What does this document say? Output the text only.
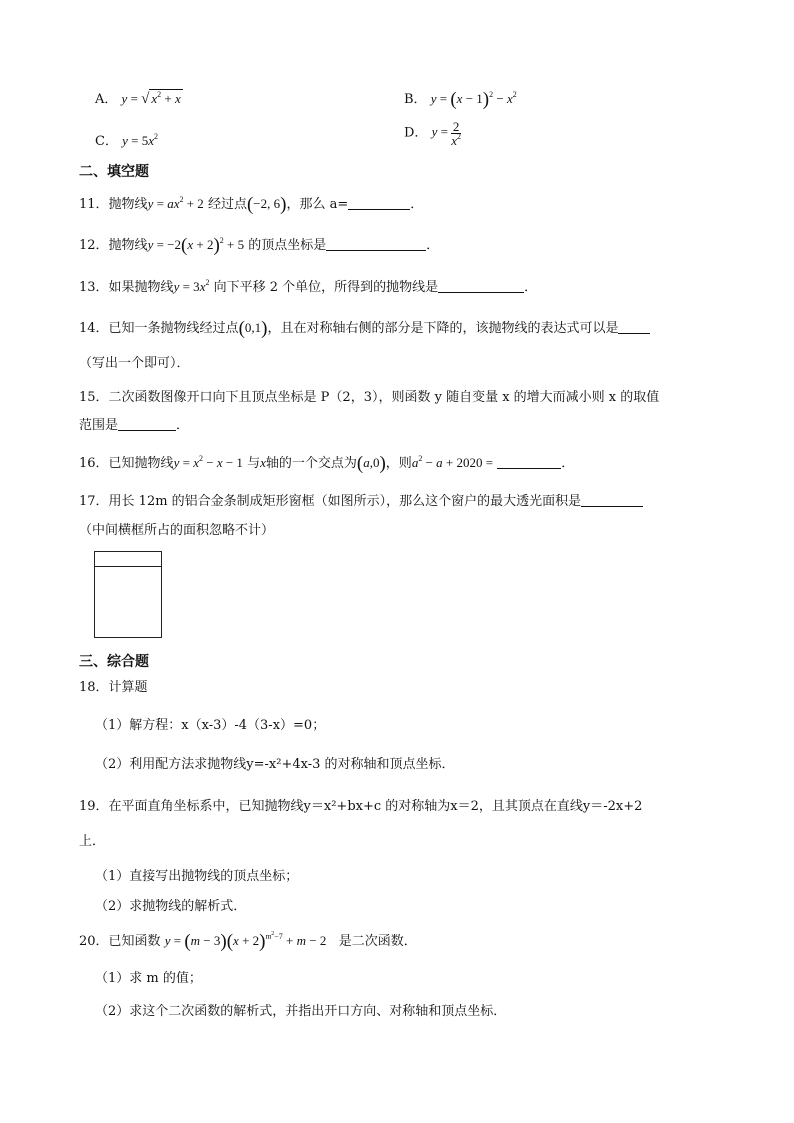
A． y = √ $x^2 + x$	B． $y = (x - 1)^2 - x^2$
C． $y = 5x^2$	D． $y = \frac{2}{x^2}$
二、填空题
11．抛物线$y = ax^2 + 2$ 经过点(−2, 6)，那么 a=	．
12．抛物线$y = -2(x + 2)^2 + 5$ 的顶点坐标是	．
13．如果抛物线$y = 3x^2$ 向下平移 2 个单位，所得到的抛物线是	．
14．已知一条抛物线经过点(0,1)，且在对称轴右侧的部分是下降的，该抛物线的表达式可以是
（写出一个即可）．
15．二次函数图像开口向下且顶点坐标是 P（2，3），则函数 y 随自变量 x 的增大而减小则 x 的取值
范围是	．
16．已知抛物线$y = x^2 - x - 1$ 与x轴的一个交点为(a,0)，则$a^2 - a + 2020$ =	．
17．用长 12m 的铝合金条制成矩形窗框（如图所示），那么这个窗户的最大透光面积是
（中间横框所占的面积忽略不计）
三、综合题
18．计算题
（1）解方程：x（x-3）-4（3-x）=0；
（2）利用配方法求抛物线y=-x²+4x-3 的对称轴和顶点坐标．
19．在平面直角坐标系中，已知抛物线y＝x²+bx+c 的对称轴为x＝2，且其顶点在直线y＝-2x+2
上．
（1）直接写出抛物线的顶点坐标；
（2）求抛物线的解析式．
20．已知函数 $y = (m - 3)(x + 2)^{m^2-7} + m - 2$ 是二次函数．
（1）求 m 的值；
（2）求这个二次函数的解析式，并指出开口方向、对称轴和顶点坐标．
